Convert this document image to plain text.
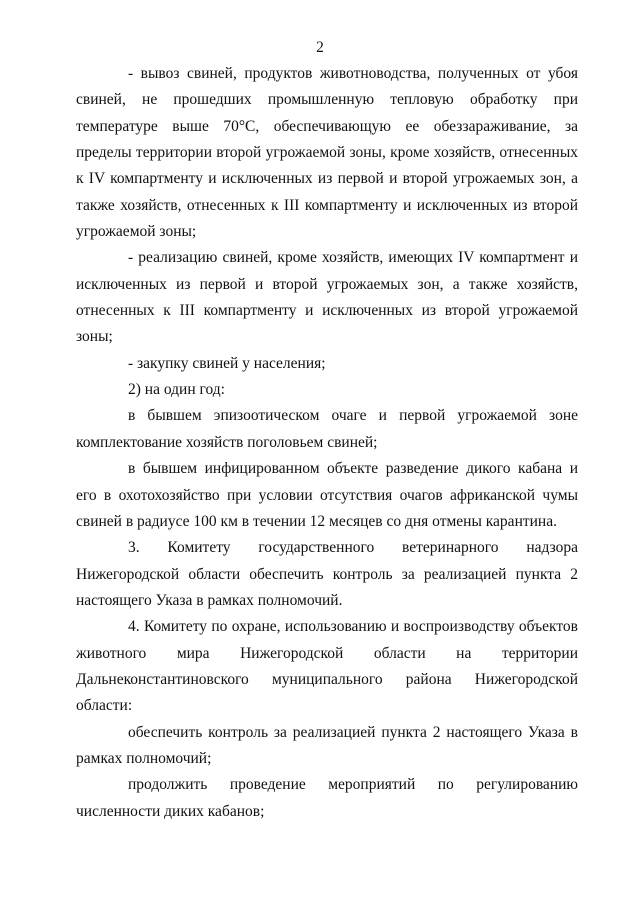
2
- вывоз свиней, продуктов животноводства, полученных от убоя
свиней, не прошедших промышленную тепловую обработку при
температуре выше 70°С, обеспечивающую ее обеззараживание, за
пределы территории второй угрожаемой зоны, кроме хозяйств, отнесенных
к IV компартменту и исключенных из первой и второй угрожаемых зон, а
также хозяйств, отнесенных к III компартменту и исключенных из второй
угрожаемой зоны;
- реализацию свиней, кроме хозяйств, имеющих IV компартмент и
исключенных из первой и второй угрожаемых зон, а также хозяйств,
отнесенных к III компартменту и исключенных из второй угрожаемой
зоны;
- закупку свиней у населения;
2) на один год:
в бывшем эпизоотическом очаге и первой угрожаемой зоне
комплектование хозяйств поголовьем свиней;
в бывшем инфицированном объекте разведение дикого кабана и
его в охотохозяйство при условии отсутствия очагов африканской чумы
свиней в радиусе 100 км в течении 12 месяцев со дня отмены карантина.
3. Комитету государственного ветеринарного надзора
Нижегородской области обеспечить контроль за реализацией пункта 2
настоящего Указа в рамках полномочий.
4. Комитету по охране, использованию и воспроизводству объектов
животного мира Нижегородской области на территории
Дальнеконстантиновского муниципального района Нижегородской
области:
обеспечить контроль за реализацией пункта 2 настоящего Указа в
рамках полномочий;
продолжить проведение мероприятий по регулированию
численности диких кабанов;
